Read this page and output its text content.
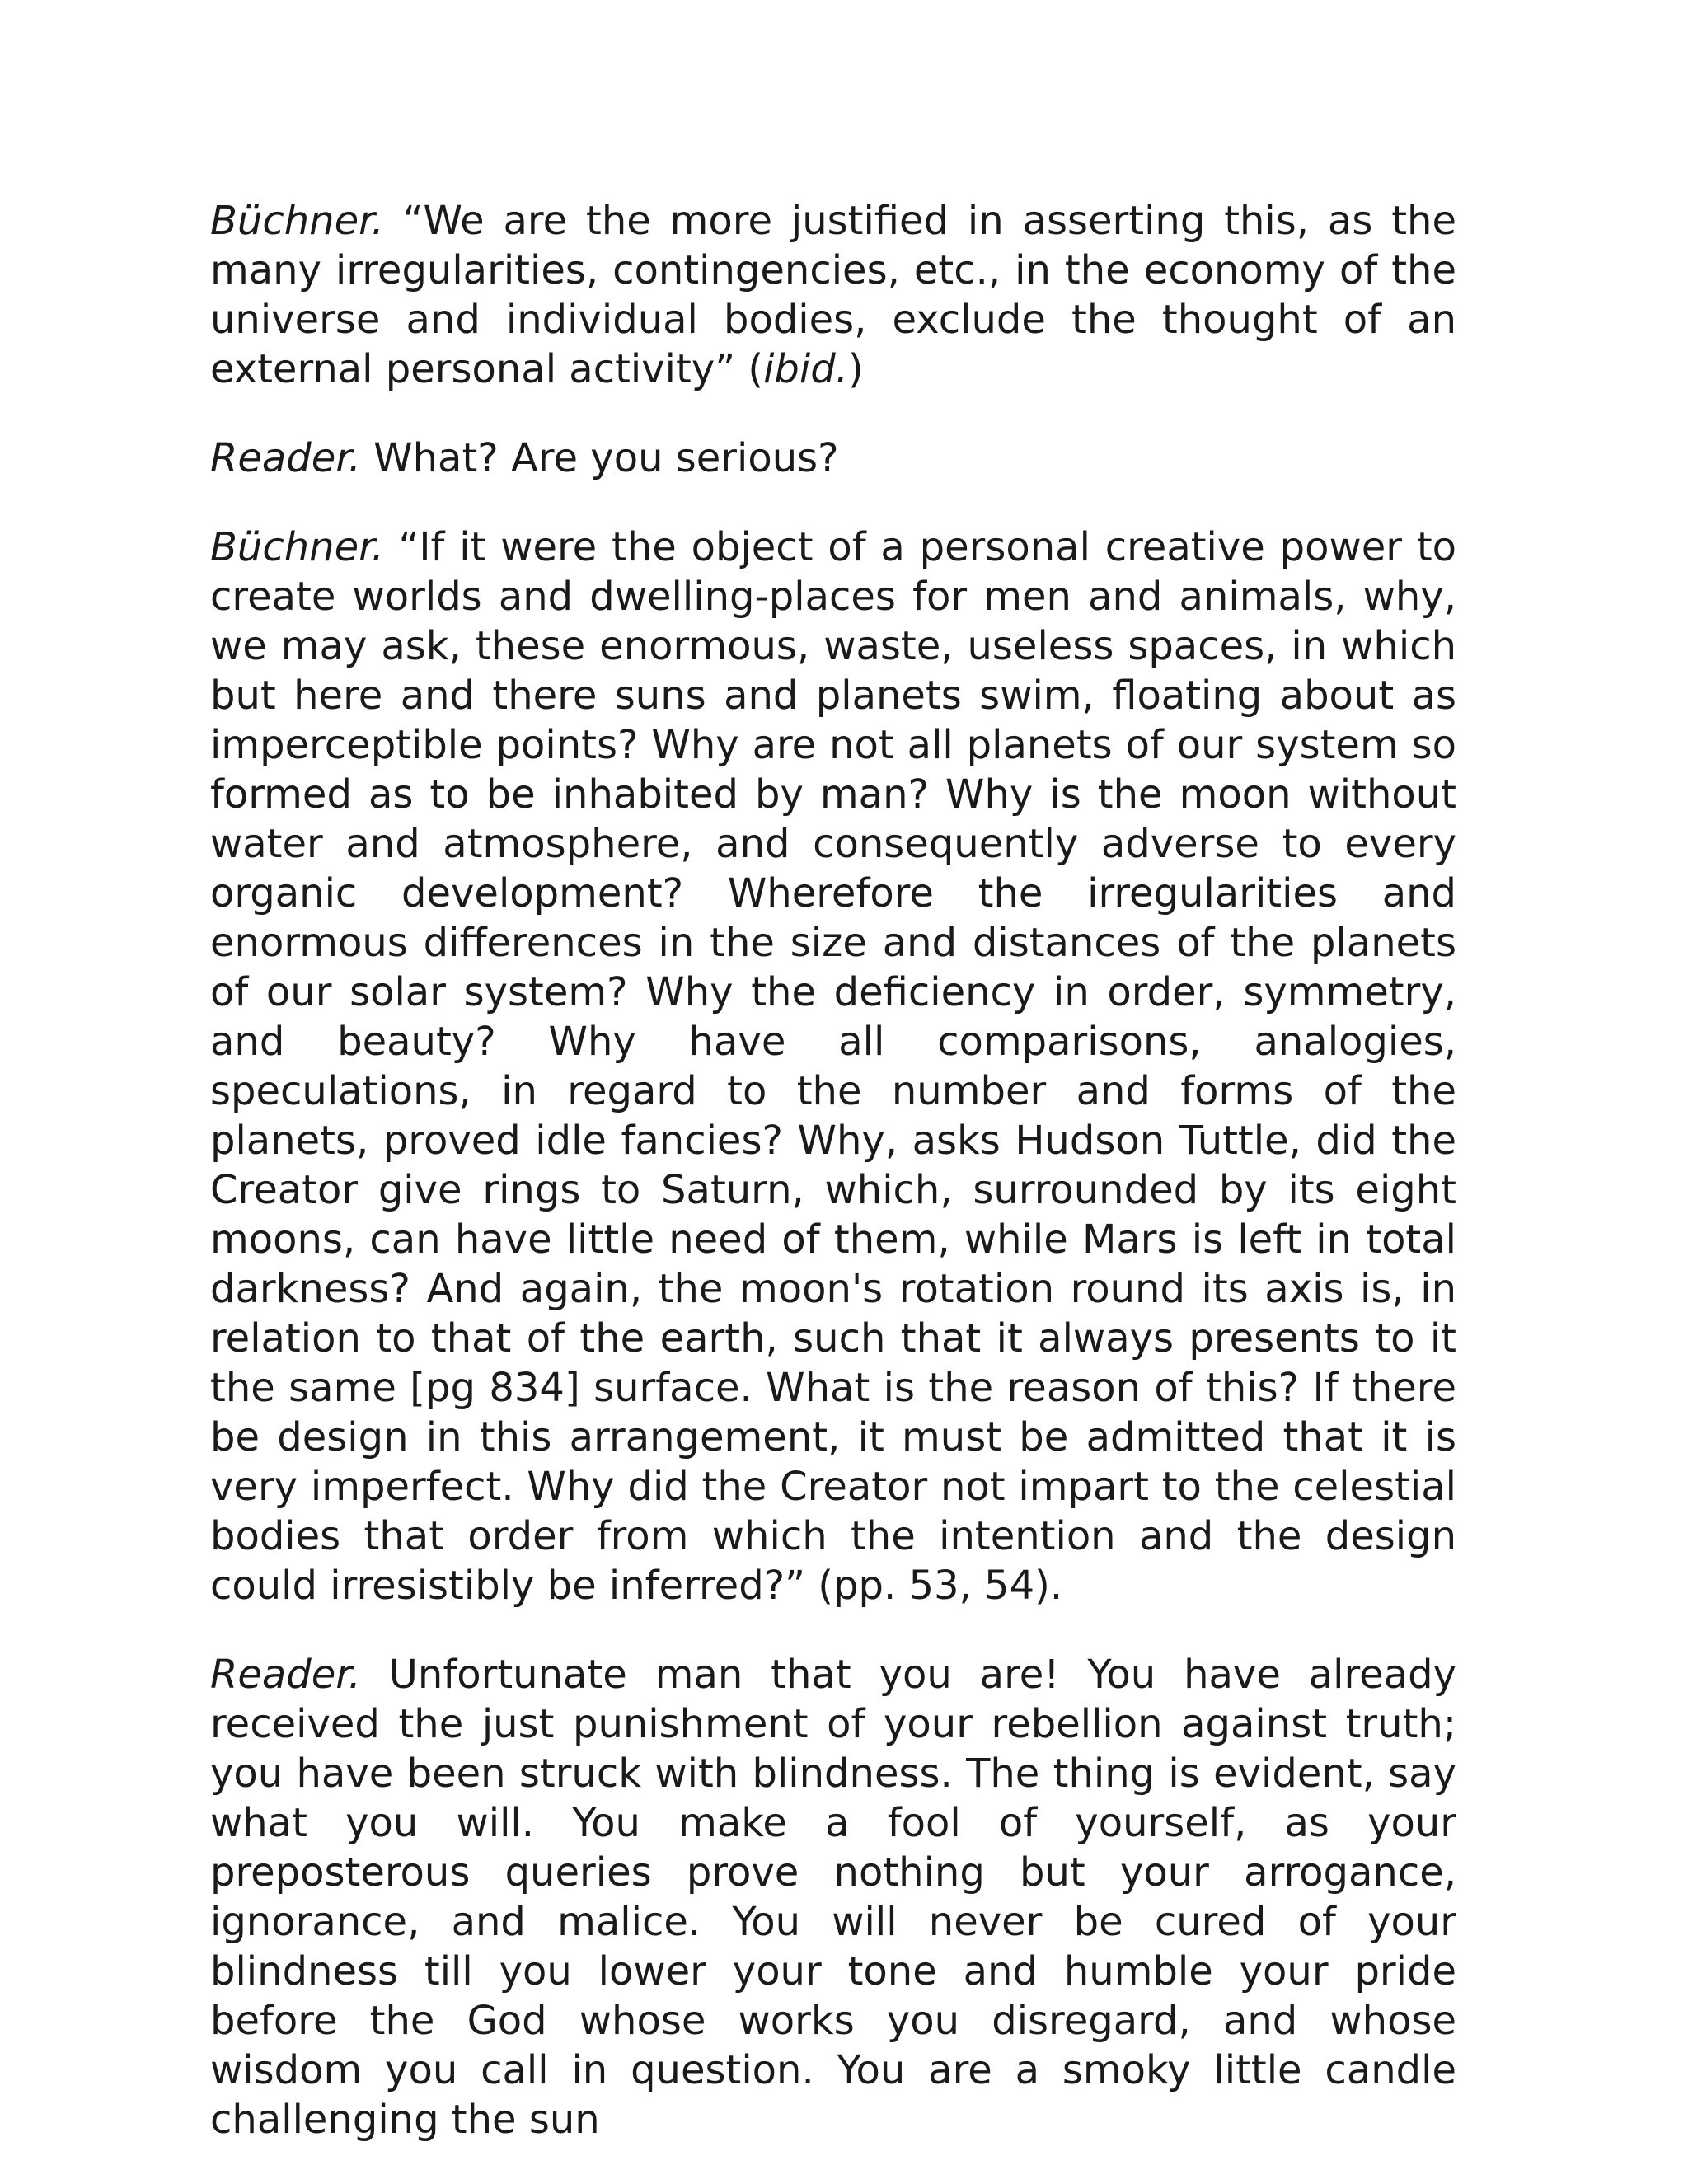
Büchner. “We are the more justified in asserting this, as the many irregularities, contingencies, etc., in the economy of the universe and individual bodies, exclude the thought of an external personal activity” (ibid.)

Reader. What? Are you serious?

Büchner. “If it were the object of a personal creative power to create worlds and dwelling-places for men and animals, why, we may ask, these enormous, waste, useless spaces, in which but here and there suns and planets swim, floating about as imperceptible points? Why are not all planets of our system so formed as to be inhabited by man? Why is the moon without water and atmosphere, and consequently adverse to every organic development? Wherefore the irregularities and enormous differences in the size and distances of the planets of our solar system? Why the deficiency in order, symmetry, and beauty? Why have all comparisons, analogies, speculations, in regard to the number and forms of the planets, proved idle fancies? Why, asks Hudson Tuttle, did the Creator give rings to Saturn, which, surrounded by its eight moons, can have little need of them, while Mars is left in total darkness? And again, the moon's rotation round its axis is, in relation to that of the earth, such that it always presents to it the same [pg 834] surface. What is the reason of this? If there be design in this arrangement, it must be admitted that it is very imperfect. Why did the Creator not impart to the celestial bodies that order from which the intention and the design could irresistibly be inferred?” (pp. 53, 54).

Reader. Unfortunate man that you are! You have already received the just punishment of your rebellion against truth; you have been struck with blindness. The thing is evident, say what you will. You make a fool of yourself, as your preposterous queries prove nothing but your arrogance, ignorance, and malice. You will never be cured of your blindness till you lower your tone and humble your pride before the God whose works you disregard, and whose wisdom you call in question. You are a smoky little candle challenging the sun
